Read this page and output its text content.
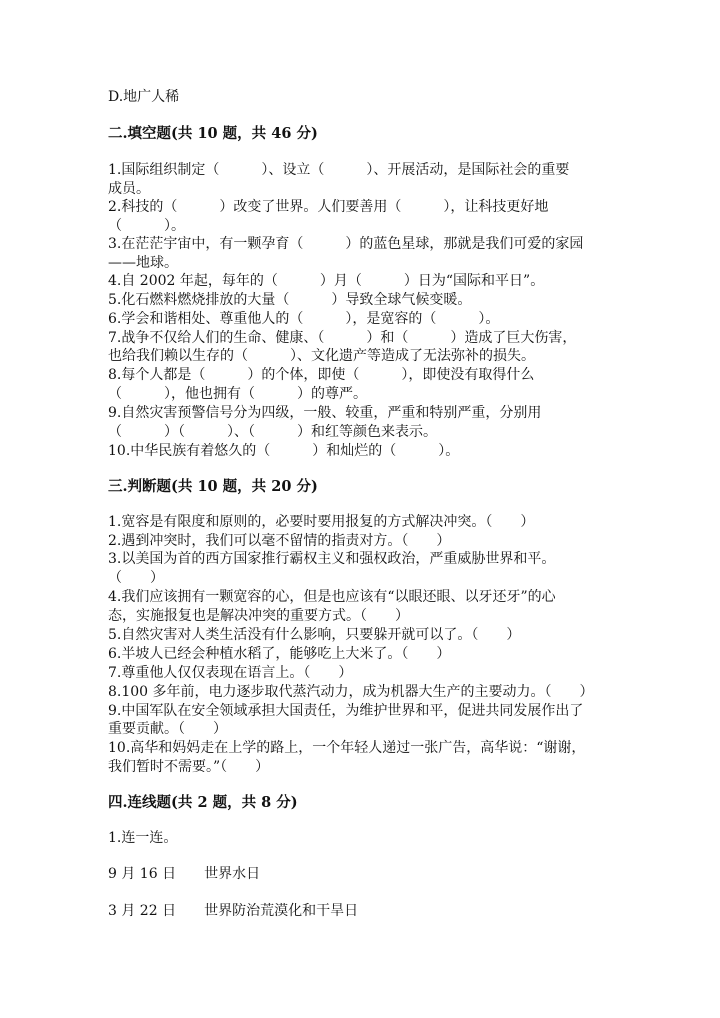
D.地广人稀
二.填空题(共 10 题，共 46 分)
1.国际组织制定（　　　）、设立（　　　）、开展活动，是国际社会的重要
成员。
2.科技的（　　　）改变了世界。人们要善用（　　　），让科技更好地
（　　　）。
3.在茫茫宇宙中，有一颗孕育（　　　）的蓝色星球，那就是我们可爱的家园
——地球。
4.自 2002 年起，每年的（　　　）月（　　　）日为“国际和平日”。
5.化石燃料燃烧排放的大量（　　　）导致全球气候变暖。
6.学会和谐相处、尊重他人的（　　　），是宽容的（　　　）。
7.战争不仅给人们的生命、健康、（　　　）和（　　　）造成了巨大伤害，
也给我们赖以生存的（　　　）、文化遗产等造成了无法弥补的损失。
8.每个人都是（　　　）的个体，即使（　　　），即使没有取得什么
（　　　），他也拥有（　　　）的尊严。
9.自然灾害预警信号分为四级，一般、较重，严重和特别严重，分别用
（　　　）（　　　）、（　　　）和红等颜色来表示。
10.中华民族有着悠久的（　　　）和灿烂的（　　　）。
三.判断题(共 10 题，共 20 分)
1.宽容是有限度和原则的，必要时要用报复的方式解决冲突。（　　）
2.遇到冲突时，我们可以毫不留情的指责对方。（　　）
3.以美国为首的西方国家推行霸权主义和强权政治，严重威胁世界和平。
（　　）
4.我们应该拥有一颗宽容的心，但是也应该有“以眼还眼、以牙还牙”的心
态，实施报复也是解决冲突的重要方式。（　　）
5.自然灾害对人类生活没有什么影响，只要躲开就可以了。（　　）
6.半坡人已经会种植水稻了，能够吃上大米了。（　　）
7.尊重他人仅仅表现在语言上。（　　）
8.100 多年前，电力逐步取代蒸汽动力，成为机器大生产的主要动力。（　　）
9.中国军队在安全领域承担大国责任，为维护世界和平，促进共同发展作出了
重要贡献。（　　）
10.高华和妈妈走在上学的路上，一个年轻人递过一张广告，高华说：“谢谢，
我们暂时不需要。”（　　）
四.连线题(共 2 题，共 8 分)
1.连一连。
9 月 16 日　　世界水日
3 月 22 日　　世界防治荒漠化和干旱日
